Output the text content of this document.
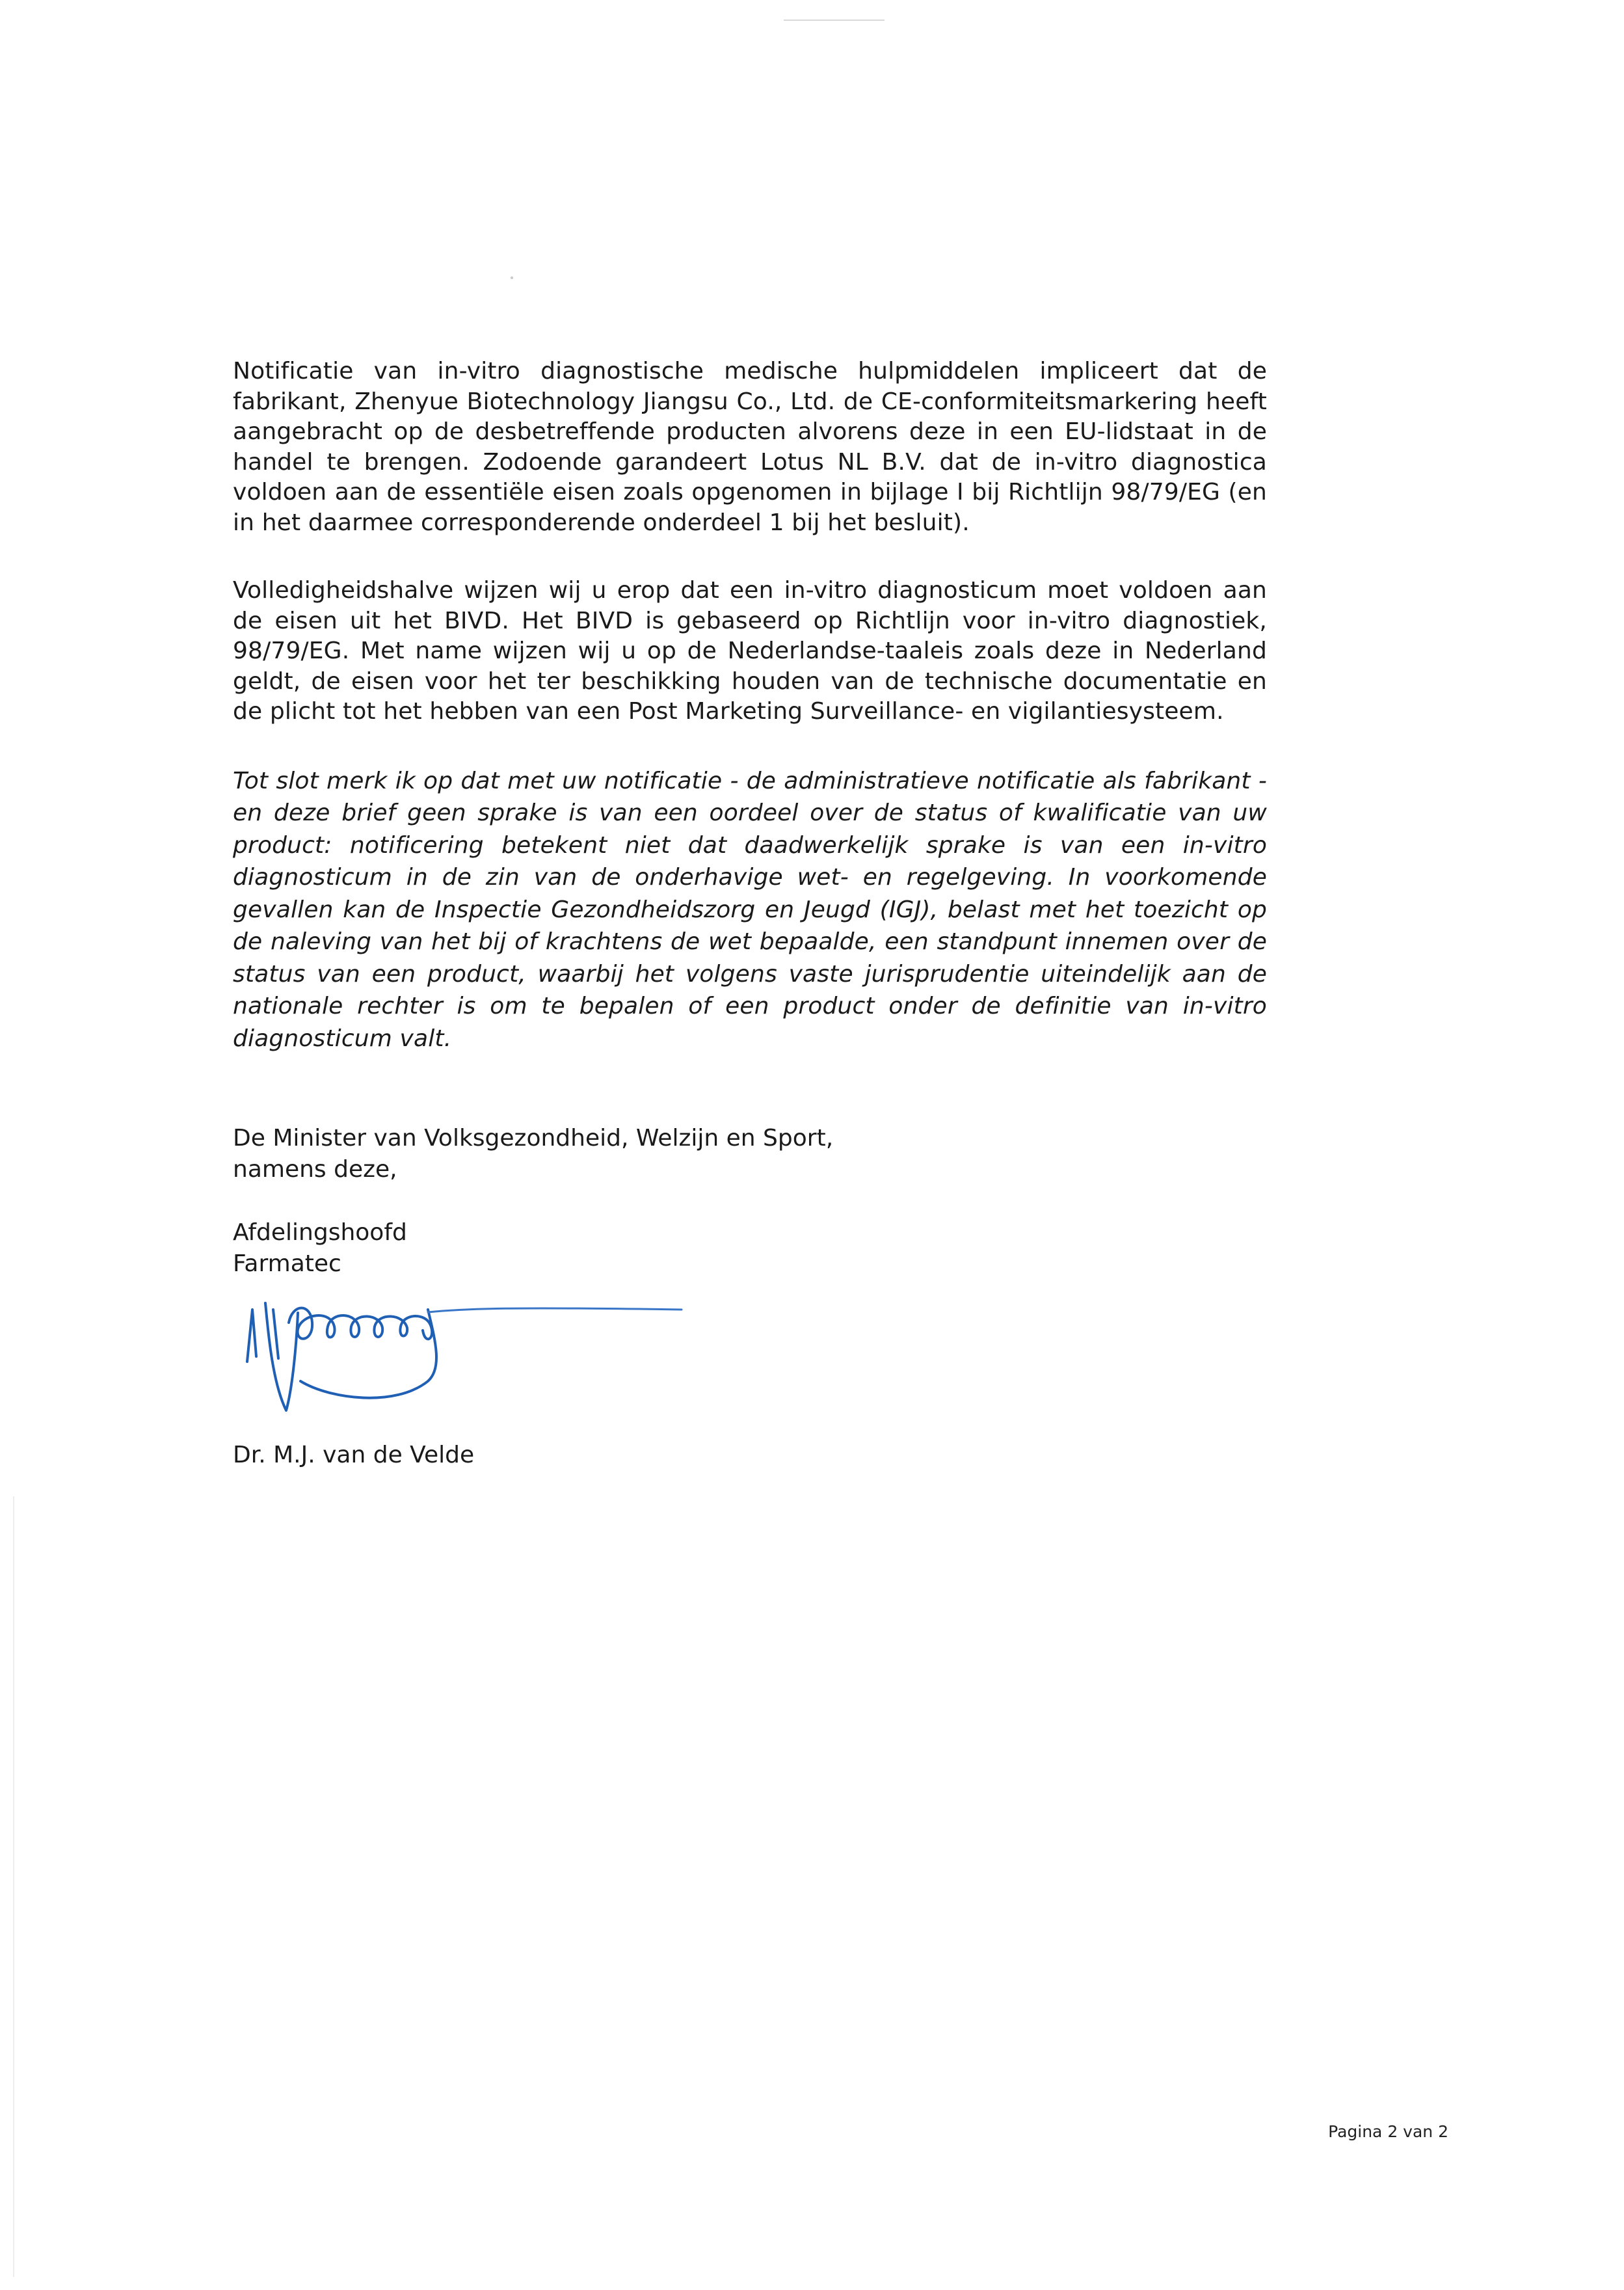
Notificatie van in-vitro diagnostische medische hulpmiddelen impliceert dat de fabrikant, Zhenyue Biotechnology Jiangsu Co., Ltd. de CE-conformiteitsmarkering heeft aangebracht op de desbetreffende producten alvorens deze in een EU-lidstaat in de handel te brengen. Zodoende garandeert Lotus NL B.V. dat de in-vitro diagnostica voldoen aan de essentiële eisen zoals opgenomen in bijlage I bij Richtlijn 98/79/EG (en in het daarmee corresponderende onderdeel 1 bij het besluit).

Volledigheidshalve wijzen wij u erop dat een in-vitro diagnosticum moet voldoen aan de eisen uit het BIVD. Het BIVD is gebaseerd op Richtlijn voor in-vitro diagnostiek, 98/79/EG. Met name wijzen wij u op de Nederlandse-taaleis zoals deze in Nederland geldt, de eisen voor het ter beschikking houden van de technische documentatie en de plicht tot het hebben van een Post Marketing Surveillance- en vigilantiesysteem.

Tot slot merk ik op dat met uw notificatie - de administratieve notificatie als fabrikant - en deze brief geen sprake is van een oordeel over de status of kwalificatie van uw product: notificering betekent niet dat daadwerkelijk sprake is van een in-vitro diagnosticum in de zin van de onderhavige wet- en regelgeving. In voorkomende gevallen kan de Inspectie Gezondheidszorg en Jeugd (IGJ), belast met het toezicht op de naleving van het bij of krachtens de wet bepaalde, een standpunt innemen over de status van een product, waarbij het volgens vaste jurisprudentie uiteindelijk aan de nationale rechter is om te bepalen of een product onder de definitie van in-vitro diagnosticum valt.

De Minister van Volksgezondheid, Welzijn en Sport,
namens deze,
Afdelingshoofd
Farmatec
Dr. M.J. van de Velde
Pagina 2 van 2
